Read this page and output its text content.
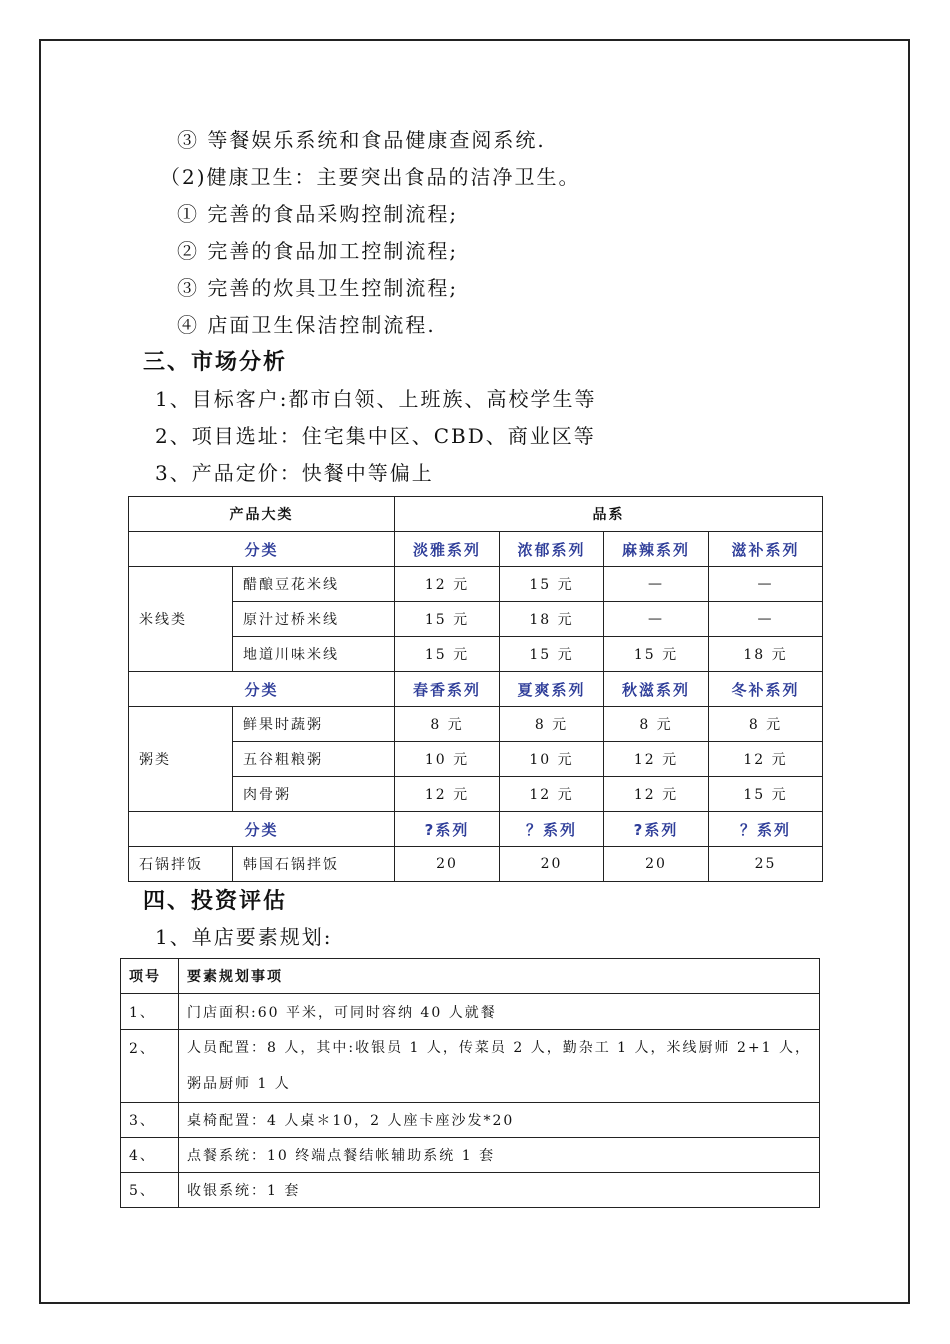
③ 等餐娱乐系统和食品健康查阅系统.
（2)健康卫生：主要突出食品的洁净卫生。
① 完善的食品采购控制流程;
② 完善的食品加工控制流程;
③ 完善的炊具卫生控制流程;
④ 店面卫生保洁控制流程.
三、市场分析
1、目标客户:都市白领、上班族、高校学生等
2、项目选址：住宅集中区、CBD、商业区等
3、产品定价：快餐中等偏上
产品大类		品系			
分类		淡雅系列	浓郁系列	麻辣系列	滋补系列
米线类	醋酿豆花米线	12 元	15 元	—	—
	原汁过桥米线	15 元	18 元	—	—
	地道川味米线	15 元	15 元	15 元	18 元
分类		春香系列	夏爽系列	秋滋系列	冬补系列
粥类	鲜果时蔬粥	8 元	8 元	8 元	8 元
	五谷粗粮粥	10 元	10 元	12 元	12 元
	肉骨粥	12 元	12 元	12 元	15 元
分类		?系列	？系列	?系列	？系列
石锅拌饭	韩国石锅拌饭	20	20	20	25
四、投资评估
1、单店要素规划:
项号	要素规划事项
1、	门店面积:60 平米，可同时容纳 40 人就餐
2、	人员配置：8 人，其中:收银员 1 人，传菜员 2 人，勤杂工 1 人，米线厨师 2+1 人，粥品厨师 1 人
3、	桌椅配置：4 人桌＊10，2 人座卡座沙发*20
4、	点餐系统：10 终端点餐结帐辅助系统 1 套
5、	收银系统：1 套
